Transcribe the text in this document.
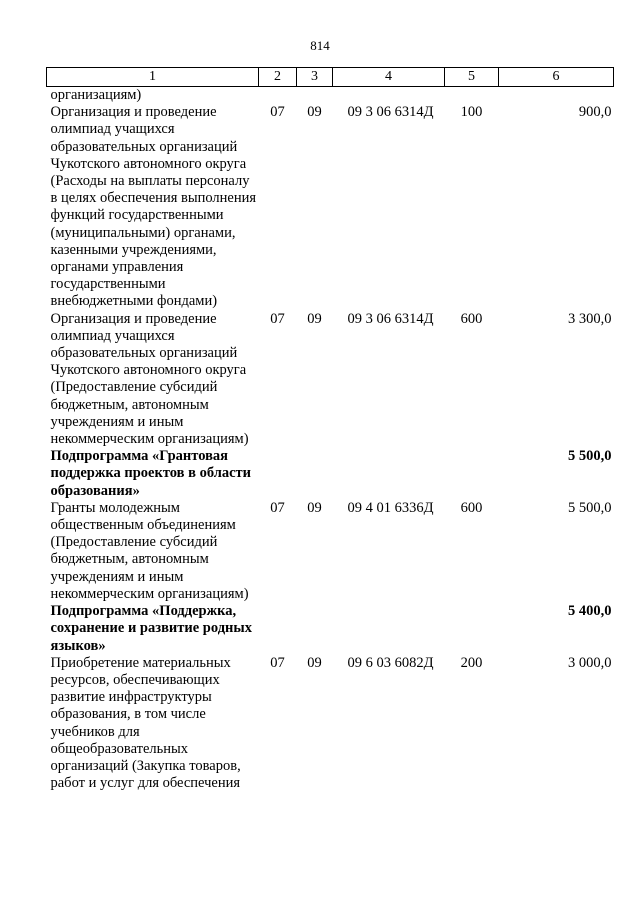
814
1	2	3	4	5	6
организациям)					
Организация и проведение олимпиад учащихся образовательных организаций Чукотского автономного округа (Расходы на выплаты персоналу в целях обеспечения выполнения функций государственными (муниципальными) органами, казенными учреждениями, органами управления государственными внебюджетными фондами)	07	09	09 3 06 6314Д	100	900,0
Организация и проведение олимпиад учащихся образовательных организаций Чукотского автономного округа (Предоставление субсидий бюджетным, автономным учреждениям и иным некоммерческим организациям)	07	09	09 3 06 6314Д	600	3 300,0
Подпрограмма «Грантовая поддержка проектов в области образования»					5 500,0
Гранты молодежным общественным объединениям (Предоставление субсидий бюджетным, автономным учреждениям и иным некоммерческим организациям)	07	09	09 4 01 6336Д	600	5 500,0
Подпрограмма «Поддержка, сохранение и развитие родных языков»					5 400,0
Приобретение материальных ресурсов, обеспечивающих развитие инфраструктуры образования, в том числе учебников для общеобразовательных организаций (Закупка товаров, работ и услуг для обеспечения	07	09	09 6 03 6082Д	200	3 000,0
